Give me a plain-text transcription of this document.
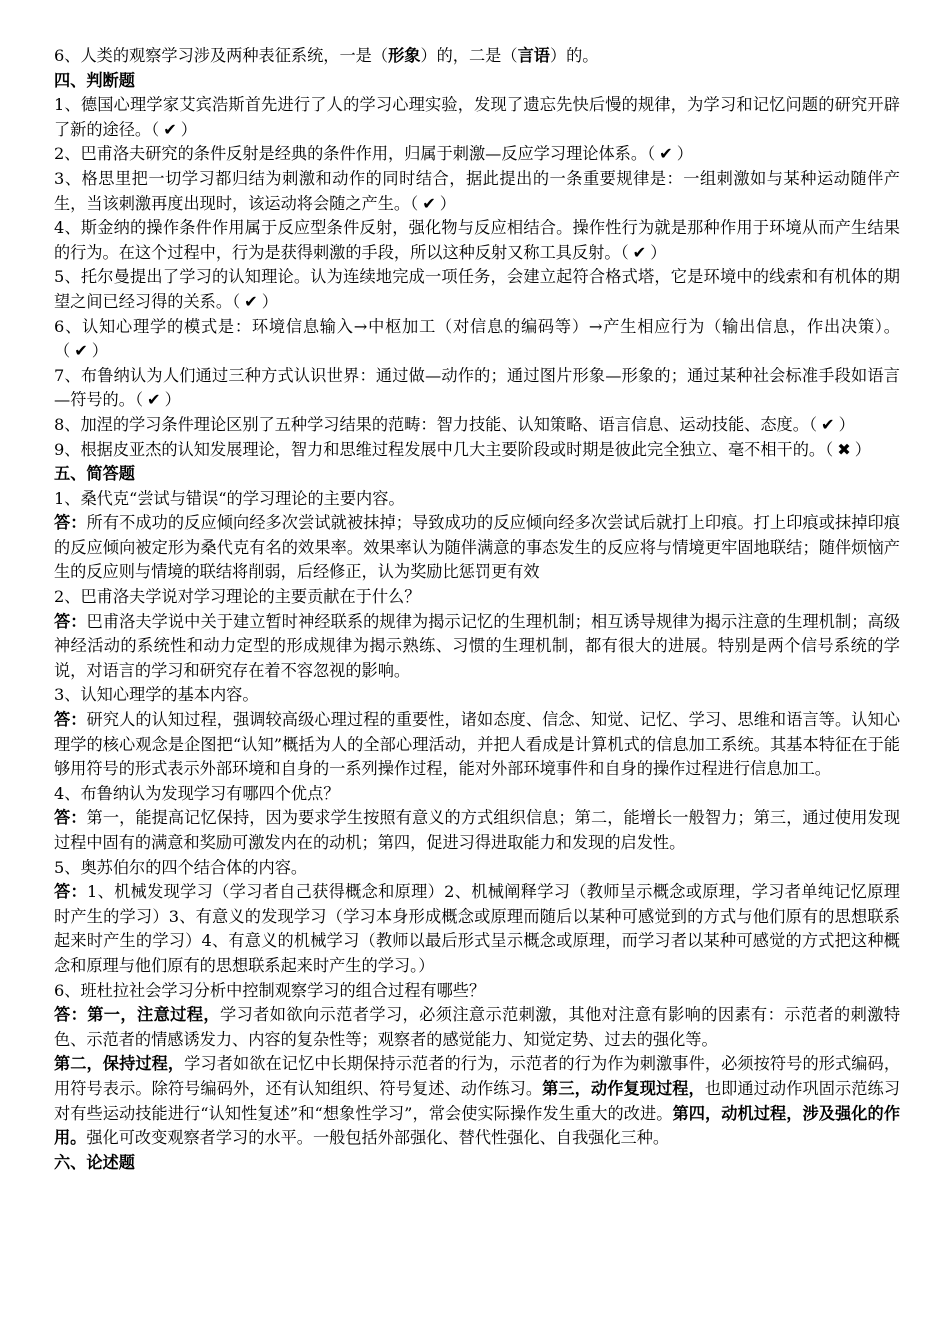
6、人类的观察学习涉及两种表征系统，一是（形象）的，二是（言语）的。

四、判断题

1、德国心理学家艾宾浩斯首先进行了人的学习心理实验，发现了遗忘先快后慢的规律，为学习和记忆问题的研究开辟了新的途径。（ ✔ ）

2、巴甫洛夫研究的条件反射是经典的条件作用，归属于刺激—反应学习理论体系。（ ✔ ）

3、格思里把一切学习都归结为刺激和动作的同时结合，据此提出的一条重要规律是：一组刺激如与某种运动随伴产生，当该刺激再度出现时，该运动将会随之产生。（ ✔ ）

4、斯金纳的操作条件作用属于反应型条件反射，强化物与反应相结合。操作性行为就是那种作用于环境从而产生结果的行为。在这个过程中，行为是获得刺激的手段，所以这种反射又称工具反射。（ ✔ ）

5、托尔曼提出了学习的认知理论。认为连续地完成一项任务，会建立起符合格式塔，它是环境中的线索和有机体的期望之间已经习得的关系。（ ✔ ）

6、认知心理学的模式是：环境信息输入→中枢加工（对信息的编码等）→产生相应行为（输出信息，作出决策）。（ ✔ ）

7、布鲁纳认为人们通过三种方式认识世界：通过做—动作的；通过图片形象—形象的；通过某种社会标准手段如语言—符号的。（ ✔ ）

8、加涅的学习条件理论区别了五种学习结果的范畴：智力技能、认知策略、语言信息、运动技能、态度。（ ✔ ）

9、根据皮亚杰的认知发展理论，智力和思维过程发展中几大主要阶段或时期是彼此完全独立、毫不相干的。（ ✖ ）

五、简答题

1、桑代克“尝试与错误“的学习理论的主要内容。

答：所有不成功的反应倾向经多次尝试就被抹掉；导致成功的反应倾向经多次尝试后就打上印痕。打上印痕或抹掉印痕的反应倾向被定形为桑代克有名的效果率。效果率认为随伴满意的事态发生的反应将与情境更牢固地联结；随伴烦恼产生的反应则与情境的联结将削弱，后经修正，认为奖励比惩罚更有效

2、巴甫洛夫学说对学习理论的主要贡献在于什么？

答：巴甫洛夫学说中关于建立暂时神经联系的规律为揭示记忆的生理机制；相互诱导规律为揭示注意的生理机制；高级神经活动的系统性和动力定型的形成规律为揭示熟练、习惯的生理机制，都有很大的进展。特别是两个信号系统的学说，对语言的学习和研究存在着不容忽视的影响。

3、认知心理学的基本内容。

答：研究人的认知过程，强调较高级心理过程的重要性，诸如态度、信念、知觉、记忆、学习、思维和语言等。认知心理学的核心观念是企图把“认知”概括为人的全部心理活动，并把人看成是计算机式的信息加工系统。其基本特征在于能够用符号的形式表示外部环境和自身的一系列操作过程，能对外部环境事件和自身的操作过程进行信息加工。

4、布鲁纳认为发现学习有哪四个优点？

答：第一，能提高记忆保持，因为要求学生按照有意义的方式组织信息；第二，能增长一般智力；第三，通过使用发现过程中固有的满意和奖励可激发内在的动机；第四，促进习得进取能力和发现的启发性。

5、奥苏伯尔的四个结合体的内容。

答：1、机械发现学习（学习者自己获得概念和原理）2、机械阐释学习（教师呈示概念或原理，学习者单纯记忆原理时产生的学习）3、有意义的发现学习（学习本身形成概念或原理而随后以某种可感觉到的方式与他们原有的思想联系起来时产生的学习）4、有意义的机械学习（教师以最后形式呈示概念或原理，而学习者以某种可感觉的方式把这种概念和原理与他们原有的思想联系起来时产生的学习。）

6、班杜拉社会学习分析中控制观察学习的组合过程有哪些？

答：第一，注意过程，学习者如欲向示范者学习，必须注意示范刺激，其他对注意有影响的因素有：示范者的刺激特色、示范者的情感诱发力、内容的复杂性等；观察者的感觉能力、知觉定势、过去的强化等。
第二，保持过程，学习者如欲在记忆中长期保持示范者的行为，示范者的行为作为刺激事件，必须按符号的形式编码，用符号表示。除符号编码外，还有认知组织、符号复述、动作练习。第三，动作复现过程，也即通过动作巩固示范练习对有些运动技能进行“认知性复述”和“想象性学习”，常会使实际操作发生重大的改进。第四，动机过程，涉及强化的作用。强化可改变观察者学习的水平。一般包括外部强化、替代性强化、自我强化三种。

六、论述题
